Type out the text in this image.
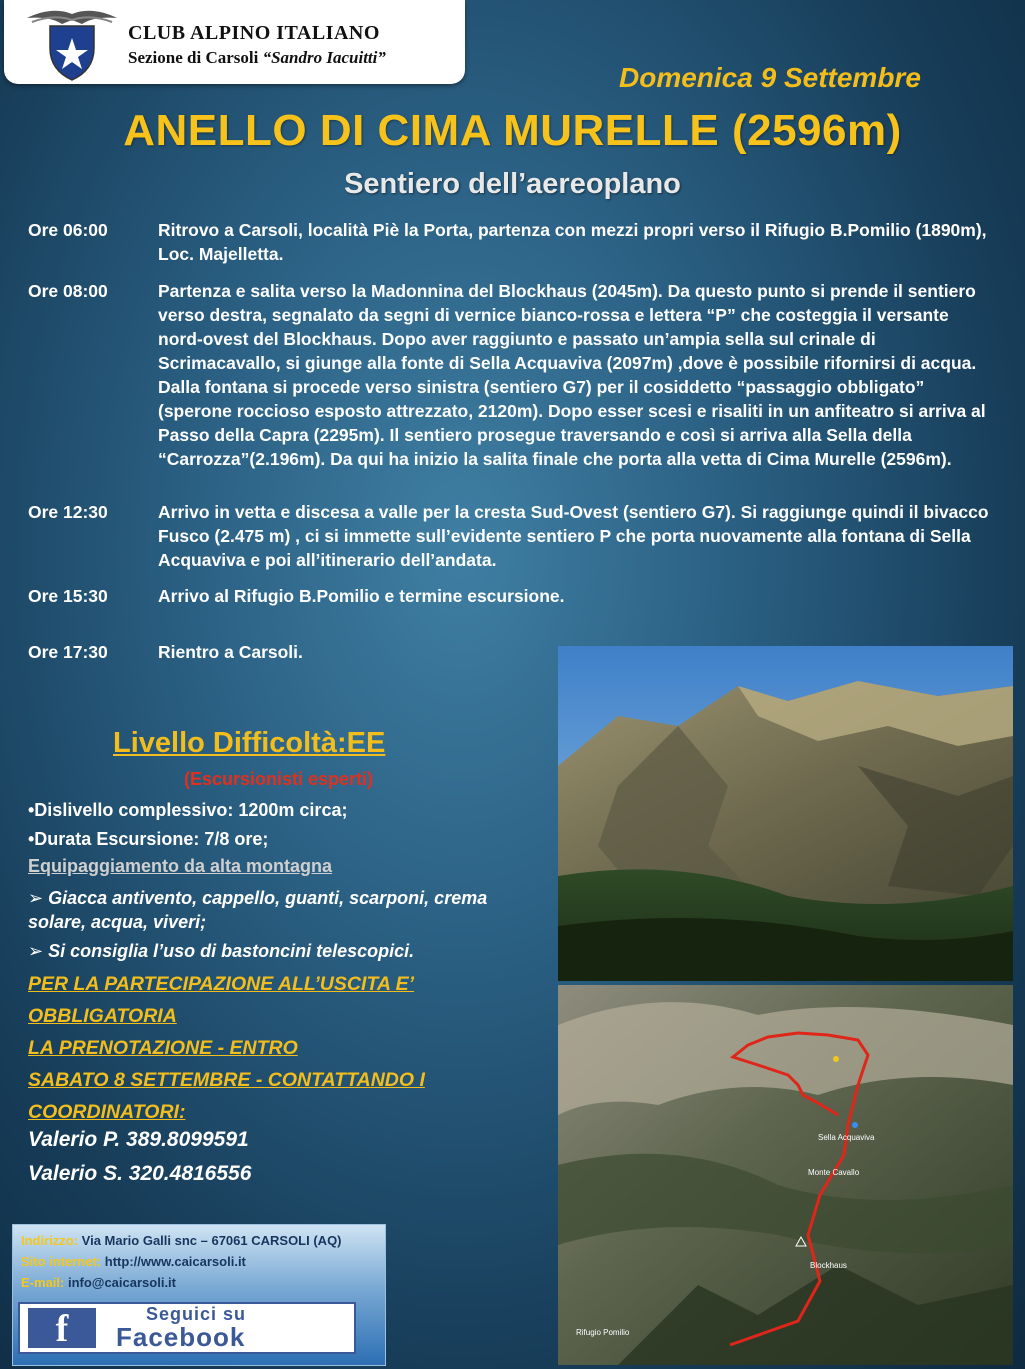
CLUB ALPINO ITALIANO
Sezione di Carsoli “Sandro Iacuitti”
Domenica 9 Settembre
ANELLO DI CIMA MURELLE (2596m)
Sentiero dell’aereoplano
Ore 06:00	Ritrovo a Carsoli, località Piè la Porta, partenza con mezzi propri verso il Rifugio B.Pomilio (1890m), Loc. Majelletta.
Ore 08:00	Partenza e salita verso la Madonnina del Blockhaus (2045m). Da questo punto si prende il sentiero verso destra, segnalato da segni di vernice bianco-rossa e lettera “P” che costeggia il versante nord-ovest del Blockhaus. Dopo aver raggiunto e passato un’ampia sella sul crinale di Scrimacavallo, si giunge alla fonte di Sella Acquaviva (2097m) ,dove è possibile rifornirsi di acqua. Dalla fontana si procede verso sinistra (sentiero G7) per il cosiddetto “passaggio obbligato” (sperone roccioso esposto attrezzato, 2120m). Dopo esser scesi e risaliti in un anfiteatro si arriva al Passo della Capra (2295m). Il sentiero prosegue traversando e così si arriva alla Sella della “Carrozza”(2.196m). Da qui ha inizio la salita finale che porta alla vetta di Cima Murelle (2596m).
Ore 12:30	Arrivo in vetta e discesa a valle per la cresta Sud-Ovest (sentiero G7). Si raggiunge quindi il bivacco Fusco (2.475 m) , ci si immette sull’evidente sentiero P che porta nuovamente alla fontana di Sella Acquaviva e poi all’itinerario dell’andata.
Ore 15:30	Arrivo al Rifugio B.Pomilio e termine escursione.
Ore 17:30	Rientro a Carsoli.
Livello Difficoltà:EE
(Escursionisti esperti)
•Dislivello complessivo: 1200m circa;
•Durata Escursione: 7/8 ore;
Equipaggiamento da alta montagna
➢ Giacca antivento, cappello, guanti, scarponi, crema solare, acqua, viveri;
➢ Si consiglia l’uso di bastoncini telescopici.
PER LA PARTECIPAZIONE ALL’USCITA E’
OBBLIGATORIA
LA PRENOTAZIONE - ENTRO
SABATO 8 SETTEMBRE - CONTATTANDO I
COORDINATORI:
Valerio P. 389.8099591
Valerio S. 320.4816556
Indirizzo: Via Mario Galli snc – 67061 CARSOLI (AQ)
Sito internet: http://www.caicarsoli.it
E-mail: info@caicarsoli.it
f	Seguici su
Facebook
Sella Acquaviva
Monte Cavallo
Blockhaus
Rifugio Pomilio
